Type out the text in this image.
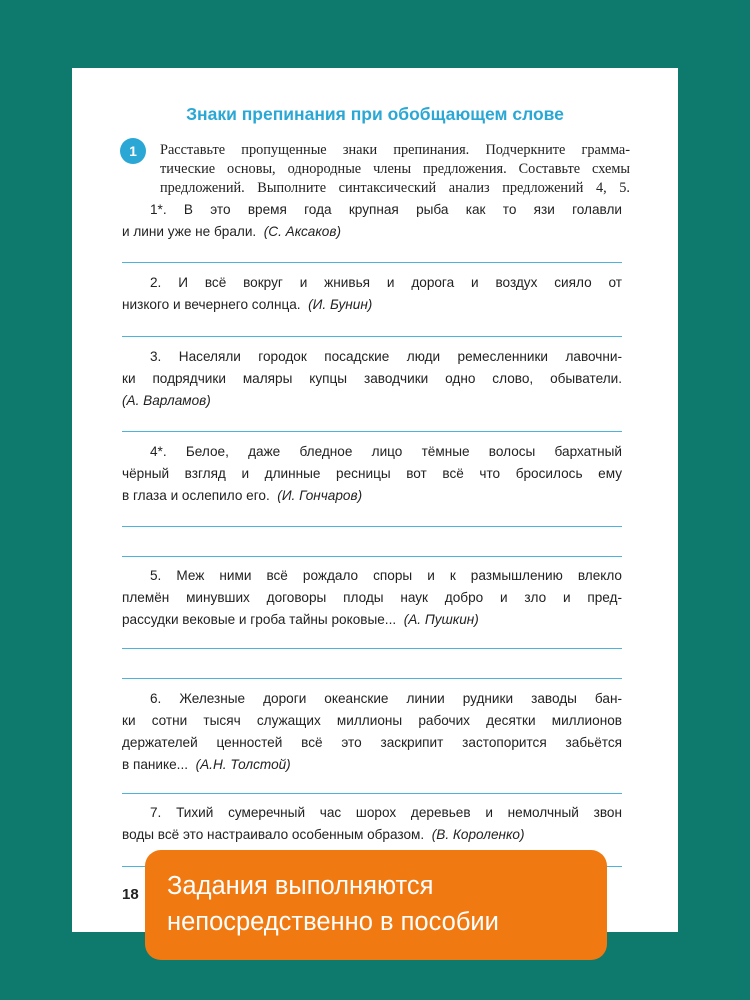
Знаки препинания при обобщающем слове
1	Расставьте пропущенные знаки препинания. Подчеркните грамма-
тические основы, однородные члены предложения. Составьте схемы
предложений. Выполните синтаксический анализ предложений 4, 5.
1*. В это время года крупная рыба как то язи голавли
и лини уже не брали. (С. Аксаков)
2. И всё вокруг и жнивья и дорога и воздух сияло от
низкого и вечернего солнца. (И. Бунин)
3. Населяли городок посадские люди ремесленники лавочни-
ки подрядчики маляры купцы заводчики одно слово, обыватели.
(А. Варламов)
4*. Белое, даже бледное лицо тёмные волосы бархатный
чёрный взгляд и длинные ресницы вот всё что бросилось ему
в глаза и ослепило его. (И. Гончаров)
5. Меж ними всё рождало споры и к размышлению влекло
племён минувших договоры плоды наук добро и зло и пред-
рассудки вековые и гроба тайны роковые... (А. Пушкин)
6. Железные дороги океанские линии рудники заводы бан-
ки сотни тысяч служащих миллионы рабочих десятки миллионов
держателей ценностей всё это заскрипит застопорится забьётся
в панике... (А.Н. Толстой)
7. Тихий сумеречный час шорох деревьев и немолчный звон
воды всё это настраивало особенным образом. (В. Короленко)
18 Задания выполняются
непосредственно в пособии
